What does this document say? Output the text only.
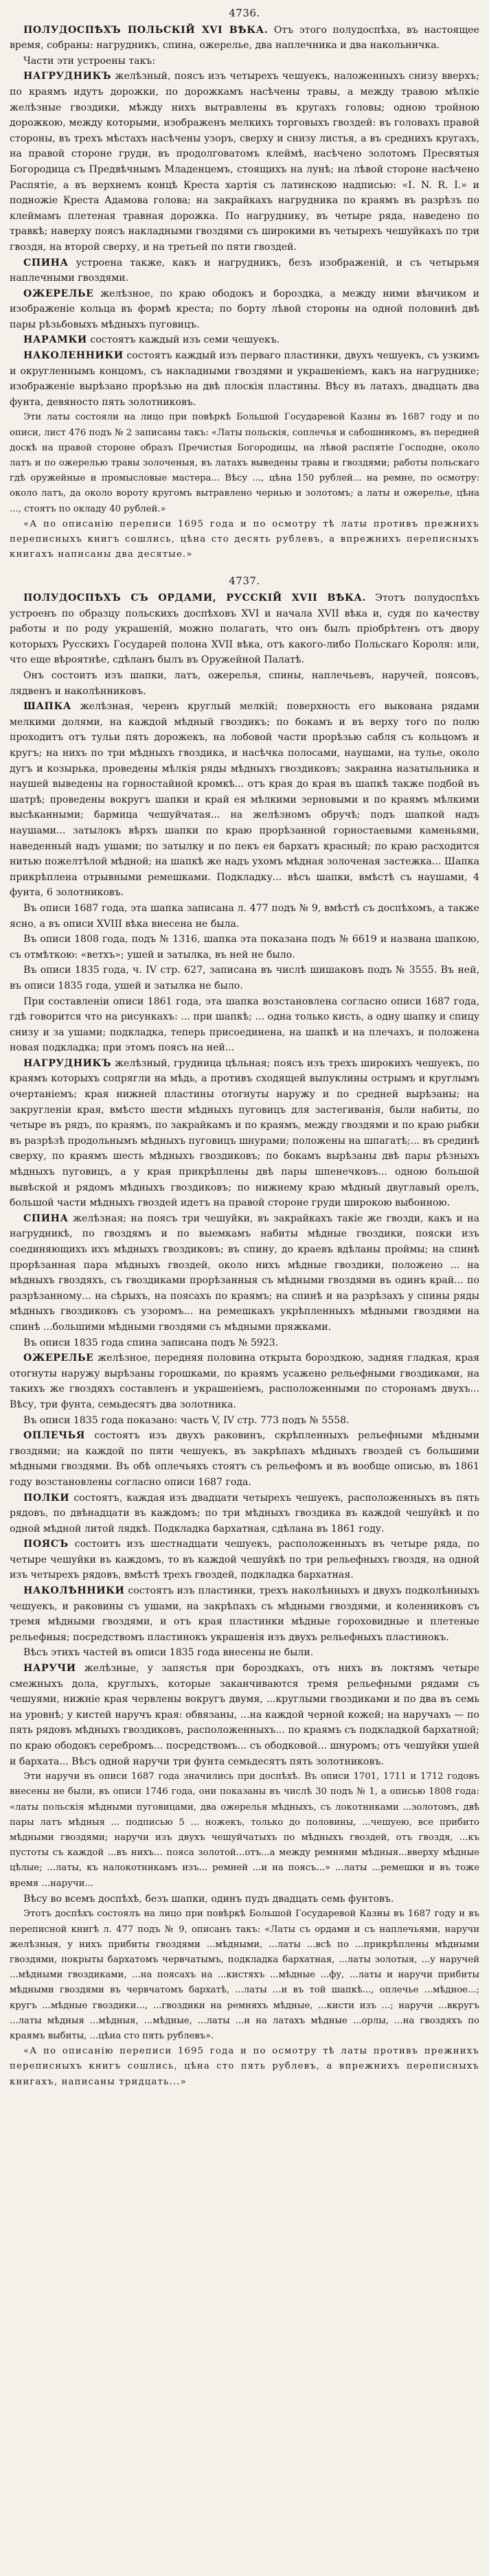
4736.

ПОЛУДОСПѢХЪ ПОЛЬСКІЙ XVI ВѢКА. Отъ этого полудоспѣха, въ настоящее время, собраны: нагрудникъ, спина, ожерелье, два наплечника и два накольничка.

Части эти устроены такъ:

НАГРУДНИКЪ желѣзный, поясъ изъ четырехъ чешуекъ, наложенныхъ снизу вверхъ; по краямъ идутъ дорожки, по дорожкамъ насѣчены травы, а между травою мѣлкіе желѣзные гвоздики, мѣжду нихъ вытравлены въ кругахъ головы; одною тройною дорожкою, между которыми, изображенъ мелкихъ торговыхъ гвоздей: въ головахъ правой стороны, въ трехъ мѣстахъ насѣчены узоръ, сверху и снизу листья, а въ среднихъ кругахъ, на правой стороне груди, въ продолговатомъ клеймѣ, насѣчено золотомъ Пресвятыя Богородица съ Предвѣчнымъ Младенцемъ, стоящихъ на лунѣ; на лѣвой стороне насѣчено Распятіе, а въ верхнемъ концѣ Креста хартія съ латинскою надписью: «I. N. R. I.» и подножіе Креста Адамова голова; на закрайкахъ нагрудника по краямъ въ разрѣзъ по клеймамъ плетеная травная дорожка. По нагруднику, въ четыре ряда, наведено по травкѣ; наверху поясъ накладными гвоздями съ широкими въ четырехъ чешуйкахъ по три гвоздя, на второй сверху, и на третьей по пяти гвоздей.

СПИНА устроена также, какъ и нагрудникъ, безъ изображеній, и съ четырьмя наплечными гвоздями.

ОЖЕРЕЛЬЕ желѣзное, по краю ободокъ и бороздка, а между ними вѣнчиком и изображеніе кольца въ формѣ креста; по борту лѣвой стороны на одной половинѣ двѣ пары рѣзьбовыхъ мѣдныхъ пуговицъ.

НАРАМКИ состоятъ каждый изъ семи чешуекъ.

НАКОЛЕННИКИ состоятъ каждый изъ перваго пластинки, двухъ чешуекъ, съ узкимъ и округленнымъ концомъ, съ накладными гвоздями и украшеніемъ, какъ на нагруднике; изображеніе вырѣзано прорѣзью на двѣ плоскія пластины. Вѣсу въ латахъ, двадцать два фунта, девяносто пять золотниковъ.

Эти латы состояли на лицо при повѣркѣ Большой Государевой Казны въ 1687 году и по описи, лист 476 подъ № 2 записаны такъ: «Латы польскія, соплечья и сабошникомъ, въ передней доскѣ на правой стороне образъ Пречистыя Богородицы, на лѣвой распятіе Господне, около латъ и по ожерелью травы золоченыя, въ латахъ выведены травы и гвоздями; работы польскаго гдѣ оружейные и промысловые мастера... Вѣсу ..., цѣна 150 рублей... на ремне, по осмотру: около латъ, да около вороту кругомъ вытравлено чернью и золотомъ; а латы и ожерелье, цѣна ..., стоятъ по окладу 40 рублей.»

«А по описанію переписи 1695 года и по осмотру тѣ латы противъ прежнихъ переписныхъ книгъ сошлись, цѣна сто десять рублевъ, а впрежнихъ переписныхъ книгахъ написаны два десятые.»

4737.

ПОЛУДОСПѢХЪ СЪ ОРДАМИ, РУССКІЙ XVII ВѢКА. Этотъ полудоспѣхъ устроенъ по образцу польскихъ доспѣховъ XVI и начала XVII вѣка и, судя по качеству работы и по роду украшеній, можно полагать, что онъ былъ пріобрѣтенъ отъ двору которыхъ Русскихъ Государей полона XVII вѣка, отъ какого-либо Польскаго Короля: или, что еще вѣроятнѣе, сдѣланъ былъ въ Оружейной Палатѣ.

Онъ состоитъ изъ шапки, латъ, ожерелья, спины, наплечьевъ, наручей, поясовъ, лядвенъ и наколѣнниковъ.

ШАПКА желѣзная, черенъ круглый мелкій; поверхность его выкована рядами мелкими долями, на каждой мѣдный гвоздикъ; по бокамъ и въ верху того по полю проходитъ отъ тульи пять дорожекъ, на лобовой части прорѣзью сабля съ кольцомъ и кругъ; на нихъ по три мѣдныхъ гвоздика, и насѣчка полосами, наушами, на тулье, около дугъ и козырька, проведены мѣлкія ряды мѣдныхъ гвоздиковъ; закраина назатыльника и наушей выведены на горностайной кромкѣ... отъ края до края въ шапкѣ также подбой въ шатрѣ; проведены вокругъ шапки и край ея мѣлкими зерновыми и по краямъ мѣлкими высѣканными; бармица чешуйчатая... на желѣзномъ обручѣ; подъ шапкой надъ наушами... затылокъ вѣрхъ шапки по краю прорѣзанной горностаевыми каменьями, наведенный надъ ушами; по затылку и по пекъ ея бархатъ красный; по краю расходится нитью пожелтѣлой мѣдной; на шапкѣ же надъ ухомъ мѣдная золоченая застежка... Шапка прикрѣплена отрывными ремешками. Подкладку... вѣсъ шапки, вмѣстѣ съ наушами, 4 фунта, 6 золотниковъ.

Въ описи 1687 года, эта шапка записана л. 477 подъ № 9, вмѣстѣ съ доспѣхомъ, а также ясно, а въ описи XVIII вѣка внесена не была.

Въ описи 1808 года, подъ № 1316, шапка эта показана подъ № 6619 и названа шапкою, съ отмѣткою: «ветхъ»; ушей и затылка, въ ней не было.

Въ описи 1835 года, ч. IV стр. 627, записана въ числѣ шишаковъ подъ № 3555. Въ ней, въ описи 1835 года, ушей и затылка не было.

При составленіи описи 1861 года, эта шапка возстановлена согласно описи 1687 года, гдѣ говорится что на рисункахъ: ... при шапкѣ; ... одна только кисть, а одну шапку и спицу снизу и за ушами; подкладка, теперь присоединена, на шапкѣ и на плечахъ, и положена новая подкладка; при этомъ поясъ на ней...

НАГРУДНИКЪ желѣзный, грудница цѣльная; поясъ изъ трехъ широкихъ чешуекъ, по краямъ которыхъ сопрягли на мѣдь, а противъ сходящей выпуклины острымъ и круглымъ очертаніемъ; края нижней пластины отогнуты наружу и по средней вырѣзаны; на закругленіи края, вмѣсто шести мѣдныхъ пуговицъ для застегиванія, были набиты, по четыре въ рядъ, по краямъ, по закрайкамъ и по краямъ, между гвоздями и по краю рыбки въ разрѣзѣ продольнымъ мѣдныхъ пуговицъ шнурами; положены на шпагатѣ;... въ срединѣ сверху, по краямъ шесть мѣдныхъ гвоздиковъ; по бокамъ вырѣзаны двѣ пары рѣзныхъ мѣдныхъ пуговицъ, а у края прикрѣплены двѣ пары шпенечковъ... одною большой вывѣской и рядомъ мѣдныхъ гвоздиковъ; по нижнему краю мѣдный двуглавый орелъ, большой части мѣдныхъ гвоздей идетъ на правой стороне груди широкою выбоиною.

СПИНА желѣзная; на поясъ три чешуйки, въ закрайкахъ такіе же гвозди, какъ и на нагрудникѣ, по гвоздямъ и по выемкамъ набиты мѣдные гвоздики, пояски изъ соединяющихъ ихъ мѣдныхъ гвоздиковъ; въ спину, до краевъ вдѣланы проймы; на спинѣ прорѣзанная пара мѣдныхъ гвоздей, около нихъ мѣдные гвоздики, положено ... на мѣдныхъ гвоздяхъ, съ гвоздиками прорѣзанныя съ мѣдными гвоздями въ одинъ край... по разрѣзанному... на сѣрыхъ, на поясахъ по краямъ; на спинѣ и на разрѣзахъ у спины ряды мѣдныхъ гвоздиковъ съ узоромъ... на ремешкахъ укрѣпленныхъ мѣдными гвоздями на спинѣ ...большими мѣдными гвоздями съ мѣдными пряжками.

Въ описи 1835 года спина записана подъ № 5923.

ОЖЕРЕЛЬЕ желѣзное, передняя половина открыта бороздкою, задняя гладкая, края отогнуты наружу вырѣзаны горошками, по краямъ усажено рельефными гвоздиками, на такихъ же гвоздяхъ составленъ и украшеніемъ, расположенными по сторонамъ двухъ... Вѣсу, три фунта, семьдесятъ два золотника.

Въ описи 1835 года показано: часть V, IV стр. 773 подъ № 5558.

ОПЛЕЧЬЯ состоятъ изъ двухъ раковинъ, скрѣпленныхъ рельефными мѣдными гвоздями; на каждой по пяти чешуекъ, въ закрѣпахъ мѣдныхъ гвоздей съ большими мѣдными гвоздями. Въ обѣ оплечьяхъ стоятъ съ рельефомъ и въ вообще описью, въ 1861 году возстановлены согласно описи 1687 года.

ПОЛКИ состоятъ, каждая изъ двадцати четырехъ чешуекъ, расположенныхъ въ пять рядовъ, по двѣнадцати въ каждомъ; по три мѣдныхъ гвоздика въ каждой чешуйкѣ и по одной мѣдной литой лядкѣ. Подкладка бархатная, сдѣлана въ 1861 году.

ПОЯСЪ состоитъ изъ шестнадцати чешуекъ, расположенныхъ въ четыре ряда, по четыре чешуйки въ каждомъ, то въ каждой чешуйкѣ по три рельефныхъ гвоздя, на одной изъ четырехъ рядовъ, вмѣстѣ трехъ гвоздей, подкладка бархатная.

НАКОЛѢННИКИ состоятъ изъ пластинки, трехъ наколѣнныхъ и двухъ подколѣнныхъ чешуекъ, и раковины съ ушами, на закрѣпахъ съ мѣдными гвоздями, и коленниковъ съ тремя мѣдными гвоздями, и отъ края пластинки мѣдные гороховидные и плетеные рельефныя; посредствомъ пластинокъ украшенія изъ двухъ рельефныхъ пластинокъ.

Вѣсъ этихъ частей въ описи 1835 года внесены не были.

НАРУЧИ желѣзные, у запястья при бороздкахъ, отъ нихъ въ локтямъ четыре смежныхъ дола, круглыхъ, которые заканчиваются тремя рельефными рядами съ чешуями, нижніе края червлены вокругъ двумя, ...круглыми гвоздиками и по два въ семь на уровнѣ; у кистей наручъ края: обвязаны, ...на каждой черной кожей; на наручахъ — по пять рядовъ мѣдныхъ гвоздиковъ, расположенныхъ... по краямъ съ подкладкой бархатной; по краю ободокъ серебромъ... посредствомъ... съ ободковой... шнуромъ; отъ чешуйки ушей и бархата... Вѣсъ одной наручи три фунта семьдесятъ пять золотниковъ.

Эти наручи въ описи 1687 года значились при доспѣхѣ. Въ описи 1701, 1711 и 1712 годовъ внесены не были, въ описи 1746 года, они показаны въ числѣ 30 подъ № 1, а описью 1808 года: «латы польскія мѣдными пуговицами, два ожерелья мѣдныхъ, съ локотниками ...золотомъ, двѣ пары латъ мѣдныя ... подписью 5 ... ножекъ, только до половины, ...чешуею, все прибито мѣдными гвоздями; наручи изъ двухъ чешуйчатыхъ по мѣдныхъ гвоздей, отъ гвоздя, ...къ пустоты съ каждой ...въ нихъ... пояса золотой...отъ...а между ремнями мѣдныя...вверху мѣдные цѣлые; ...латы, къ налокотникамъ изъ... ремней ...и на поясъ...» ...латы ...ремешки и въ тоже время ...наручи...

Вѣсу во всемъ доспѣхѣ, безъ шапки, одинъ пудъ двадцать семь фунтовъ.

Этотъ доспѣхъ состоялъ на лицо при повѣркѣ Большой Государевой Казны въ 1687 году и въ переписной книгѣ л. 477 подъ № 9, описанъ такъ: «Латы съ ордами и съ наплечьями, наручи желѣзныя, у нихъ прибиты гвоздями ...мѣдными, ...латы ...всѣ по ...прикрѣплены мѣдными гвоздями, покрыты бархатомъ червчатымъ, подкладка бархатная, ...латы золотыя, ...у наручей ...мѣдными гвоздиками, ...на поясахъ на ...кистяхъ ...мѣдные ...фу, ...латы и наручи прибиты мѣдными гвоздями въ червчатомъ бархатѣ, ...латы ...и въ той шапкѣ..., оплечье ...мѣдное...; кругъ ...мѣдные гвоздики..., ...гвоздики на ремняхъ мѣдные, ...кисти изъ ...; наручи ...вкругъ ...латы мѣдныя ...мѣдныя, ...мѣдные, ...латы ...и на латахъ мѣдные ...орлы, ...на гвоздяхъ по краямъ выбиты, ...цѣна сто пять рублевъ».

«А по описанію переписи 1695 года и по осмотру тѣ латы противъ прежнихъ переписныхъ книгъ сошлись, цѣна сто пять рублевъ, а впрежнихъ переписныхъ книгахъ, написаны тридцать...»
